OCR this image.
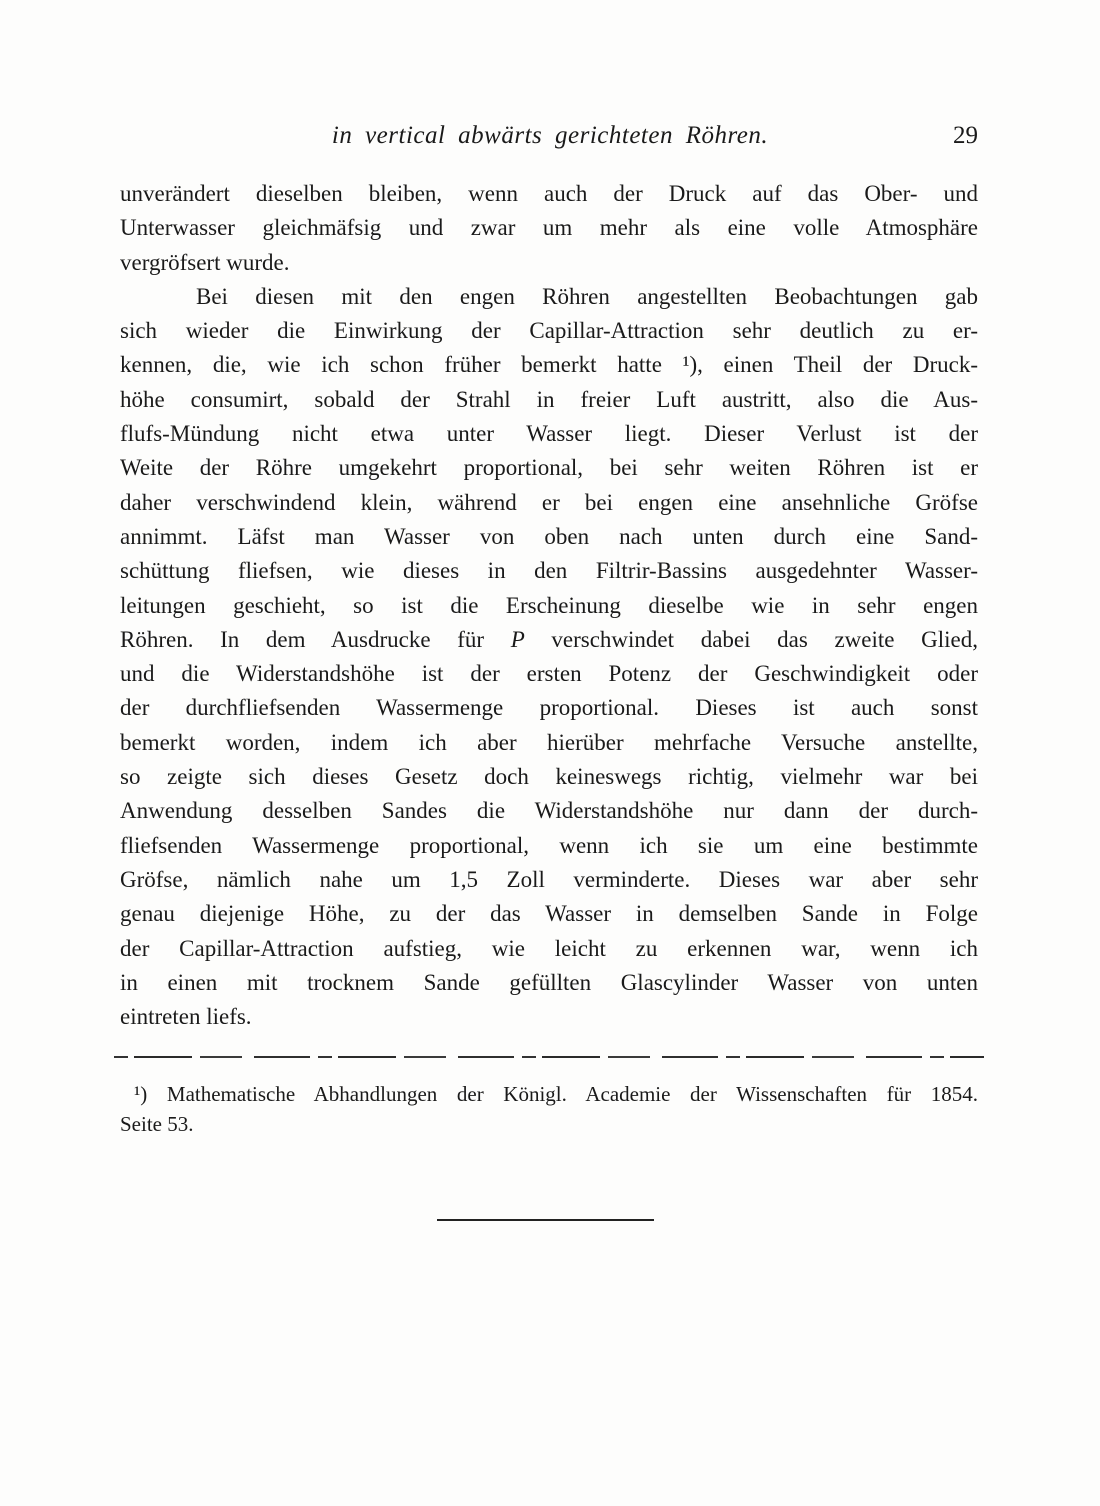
in vertical abwärts gerichteten Röhren.	29
unverändert dieselben bleiben, wenn auch der Druck auf das Ober- und
Unterwasser gleichmäfsig und zwar um mehr als eine volle Atmosphäre
vergröfsert wurde.
Bei diesen mit den engen Röhren angestellten Beobachtungen gab
sich wieder die Einwirkung der Capillar-Attraction sehr deutlich zu er-
kennen, die, wie ich schon früher bemerkt hatte ¹), einen Theil der Druck-
höhe consumirt, sobald der Strahl in freier Luft austritt, also die Aus-
flufs-Mündung nicht etwa unter Wasser liegt. Dieser Verlust ist der
Weite der Röhre umgekehrt proportional, bei sehr weiten Röhren ist er
daher verschwindend klein, während er bei engen eine ansehnliche Gröfse
annimmt. Läfst man Wasser von oben nach unten durch eine Sand-
schüttung fliefsen, wie dieses in den Filtrir-Bassins ausgedehnter Wasser-
leitungen geschieht, so ist die Erscheinung dieselbe wie in sehr engen
Röhren. In dem Ausdrucke für P verschwindet dabei das zweite Glied,
und die Widerstandshöhe ist der ersten Potenz der Geschwindigkeit oder
der durchfliefsenden Wassermenge proportional. Dieses ist auch sonst
bemerkt worden, indem ich aber hierüber mehrfache Versuche anstellte,
so zeigte sich dieses Gesetz doch keineswegs richtig, vielmehr war bei
Anwendung desselben Sandes die Widerstandshöhe nur dann der durch-
fliefsenden Wassermenge proportional, wenn ich sie um eine bestimmte
Gröfse, nämlich nahe um 1,5 Zoll verminderte. Dieses war aber sehr
genau diejenige Höhe, zu der das Wasser in demselben Sande in Folge
der Capillar-Attraction aufstieg, wie leicht zu erkennen war, wenn ich
in einen mit trocknem Sande gefüllten Glascylinder Wasser von unten
eintreten liefs.
¹) Mathematische Abhandlungen der Königl. Academie der Wissenschaften für 1854.
Seite 53.
